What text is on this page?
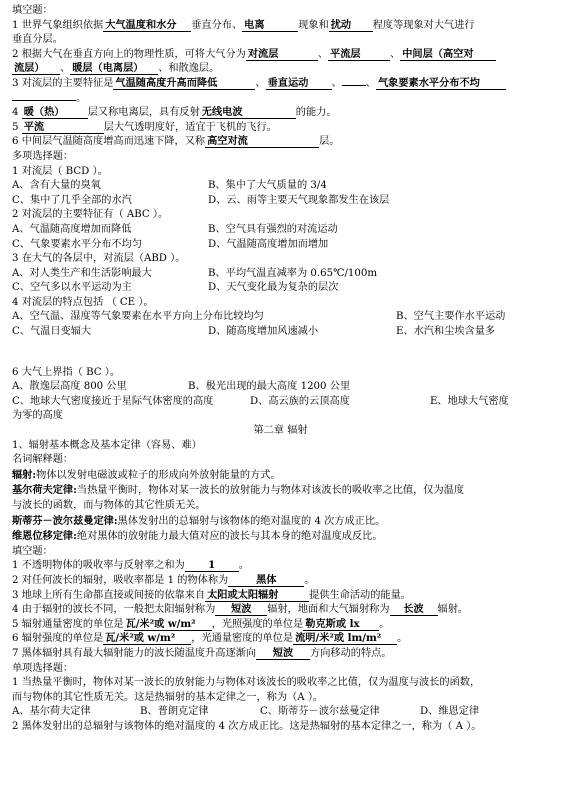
填空题：
1 世界气象组织依据 大气温度和水分 垂直分布、 电离	现象和 扰动 程度等现象对大气进行
垂直分层。
2 根据大气在垂直方向上的物理性质，可将大气分为 对流层	、 平流层	、 中间层（高空对
流层） 、 暖层（电离层） 、和散逸层。
3 对流层的主要特征是 气温随高度升高而降低	、 垂直运动 、 、 气象要素水平分布不均
。
4 暖（热） 层又称电离层，具有反射 无线电波	的能力。
5 平流	层大气透明度好，适宜于飞机的飞行。
6 中间层气温随高度增高而迅速下降，又称 高空对流	层。
多项选择题：
1 对流层（ BCD ）。
A、含有大量的臭氧	B、集中了大气质量的 3/4
C、集中了几乎全部的水汽	D、云、雨等主要天气现象都发生在该层
2 对流层的主要特征有（ ABC ）。
A、气温随高度增加而降低	B、空气具有强烈的对流运动
C、气象要素水平分布不均匀	D、气温随高度增加而增加
3 在大气的各层中，对流层（ABD ）。
A、对人类生产和生活影响最大	B、平均气温直减率为 0.65℃/100m
C、空气多以水平运动为主	D、天气变化最为复杂的层次
4 对流层的特点包括 （ CE ）。
A、空气温、湿度等气象要素在水平方向上分布比较均匀	B、空气主要作水平运动
C、气温日变辐大	D、随高度增加风速减小	E、水汽和尘埃含量多
6 大气上界指（ BC ）。
A、散逸层高度 800 公里	B、极光出现的最大高度 1200 公里
C、地球大气密度接近于星际气体密度的高度	D、高云族的云顶高度	E、地球大气密度
为零的高度
第二章 辐射
1、辐射基本概念及基本定律（容易、难）
名词解释题：
辐射:物体以发射电磁波或粒子的形成向外放射能量的方式。
基尔荷夫定律:当热量平衡时，物体对某一波长的放射能力与物体对该波长的吸收率之比值，仅为温度
与波长的函数，而与物体的其它性质无关。
斯蒂芬－波尔兹曼定律:黑体发射出的总辐射与该物体的绝对温度的 4 次方成正比。
维恩位移定律:绝对黑体的放射能力最大值对应的波长与其本身的绝对温度成反比。
填空题：
1 不透明物体的吸收率与反射率之和为 1 。
2 对任何波长的辐射，吸收率都是 1 的物体称为	黑体	。
3 地球上所有生命都直接或间接的依靠来自 太阳或太阳辐射	提供生命活动的能量。
4 由于辐射的波长不同，一般把太阳辐射称为 短波 辐射，地面和大气辐射称为 长波 辐射。
5 辐射通量密度的单位是 瓦/米²或 w/m² ，光照强度的单位是 勒克斯或 lx 。
6 辐射强度的单位是 瓦/米²或 w/m² ，光通量密度的单位是 流明/米²或 lm/m² 。
7 黑体辐射具有最大辐射能力的波长随温度升高逐渐向 短波 方向移动的特点。
单项选择题：
1 当热量平衡时，物体对某一波长的放射能力与物体对该波长的吸收率之比值，仅为温度与波长的函数，
而与物体的其它性质无关。这是热辐射的基本定律之一，称为（A ）。
A、基尔荷夫定律	B、普朗克定律	C、斯蒂芬－波尔兹曼定律	D、维恩定律
2 黑体发射出的总辐射与该物体的绝对温度的 4 次方成正比。这是热辐射的基本定律之一，称为（ A ）。
